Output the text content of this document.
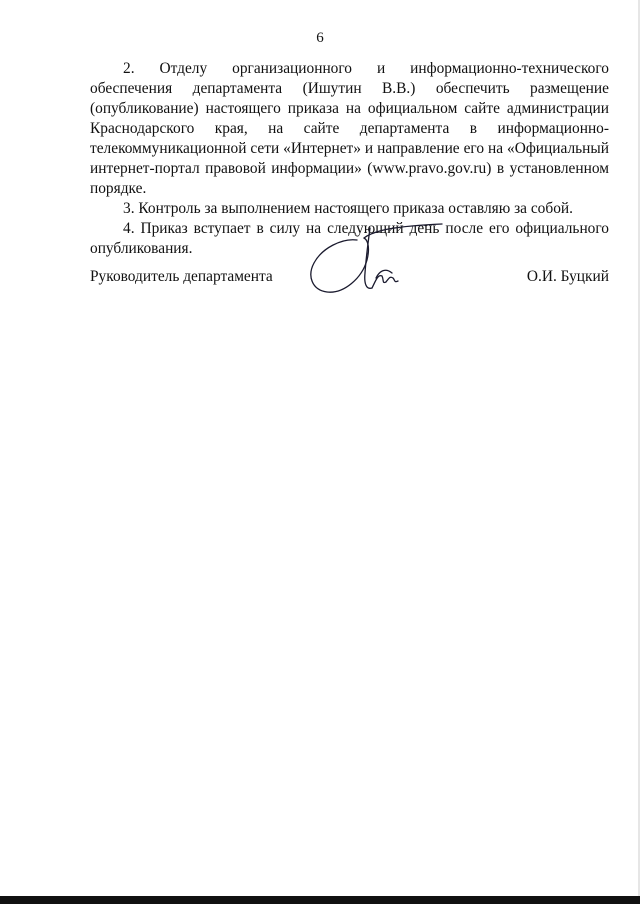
6

2. Отделу организационного и информационно-технического обеспечения департамента (Ишутин В.В.) обеспечить размещение (опубликование) настоящего приказа на официальном сайте администрации Краснодарского края, на сайте департамента в информационно-телекоммуникационной сети «Интернет» и направление его на «Официальный интернет-портал правовой информации» (www.pravo.gov.ru) в установленном порядке.

3. Контроль за выполнением настоящего приказа оставляю за собой.

4. Приказ вступает в силу на следующий день после его официального опубликования.

Руководитель департамента	О.И. Буцкий
